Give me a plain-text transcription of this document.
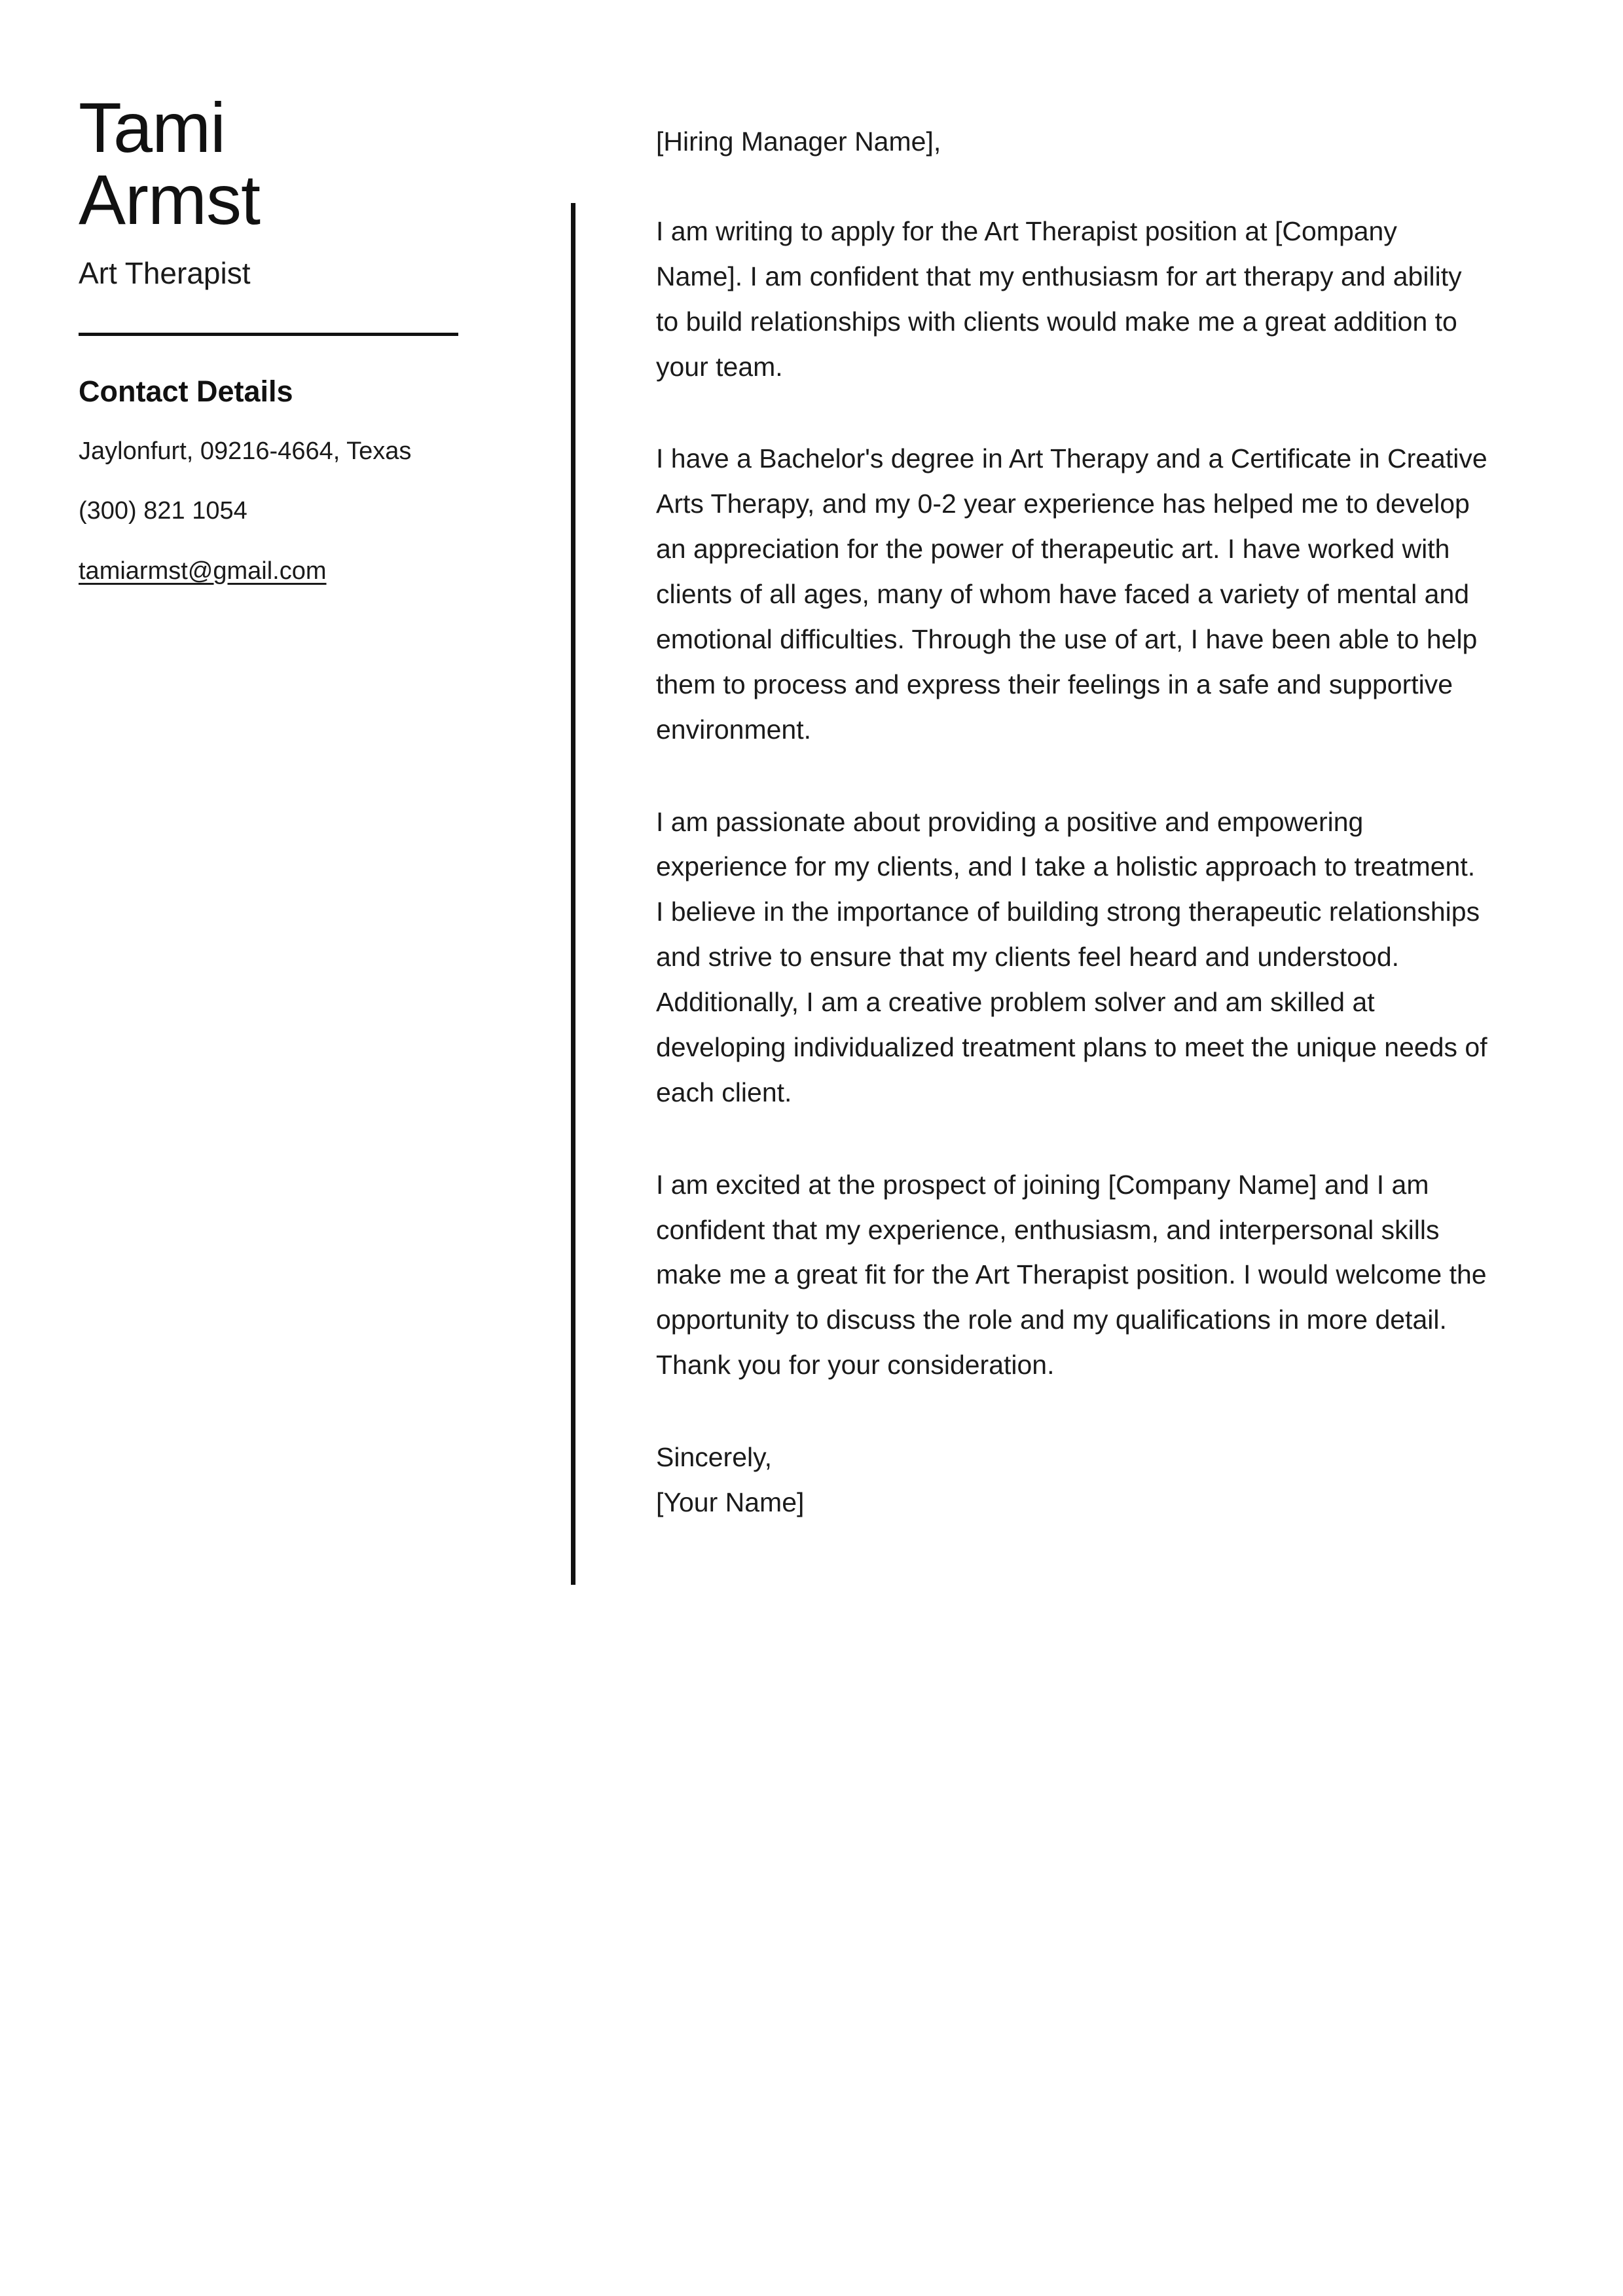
Tami
Armst
Art Therapist
Contact Details
Jaylonfurt, 09216-4664, Texas
(300) 821 1054
tamiarmst@gmail.com

[Hiring Manager Name],

I am writing to apply for the Art Therapist position at [Company Name]. I am confident that my enthusiasm for art therapy and ability to build relationships with clients would make me a great addition to your team.

I have a Bachelor's degree in Art Therapy and a Certificate in Creative Arts Therapy, and my 0-2 year experience has helped me to develop an appreciation for the power of therapeutic art. I have worked with clients of all ages, many of whom have faced a variety of mental and emotional difficulties. Through the use of art, I have been able to help them to process and express their feelings in a safe and supportive environment.

I am passionate about providing a positive and empowering experience for my clients, and I take a holistic approach to treatment. I believe in the importance of building strong therapeutic relationships and strive to ensure that my clients feel heard and understood. Additionally, I am a creative problem solver and am skilled at developing individualized treatment plans to meet the unique needs of each client.

I am excited at the prospect of joining [Company Name] and I am confident that my experience, enthusiasm, and interpersonal skills make me a great fit for the Art Therapist position. I would welcome the opportunity to discuss the role and my qualifications in more detail. Thank you for your consideration.

Sincerely,
[Your Name]
